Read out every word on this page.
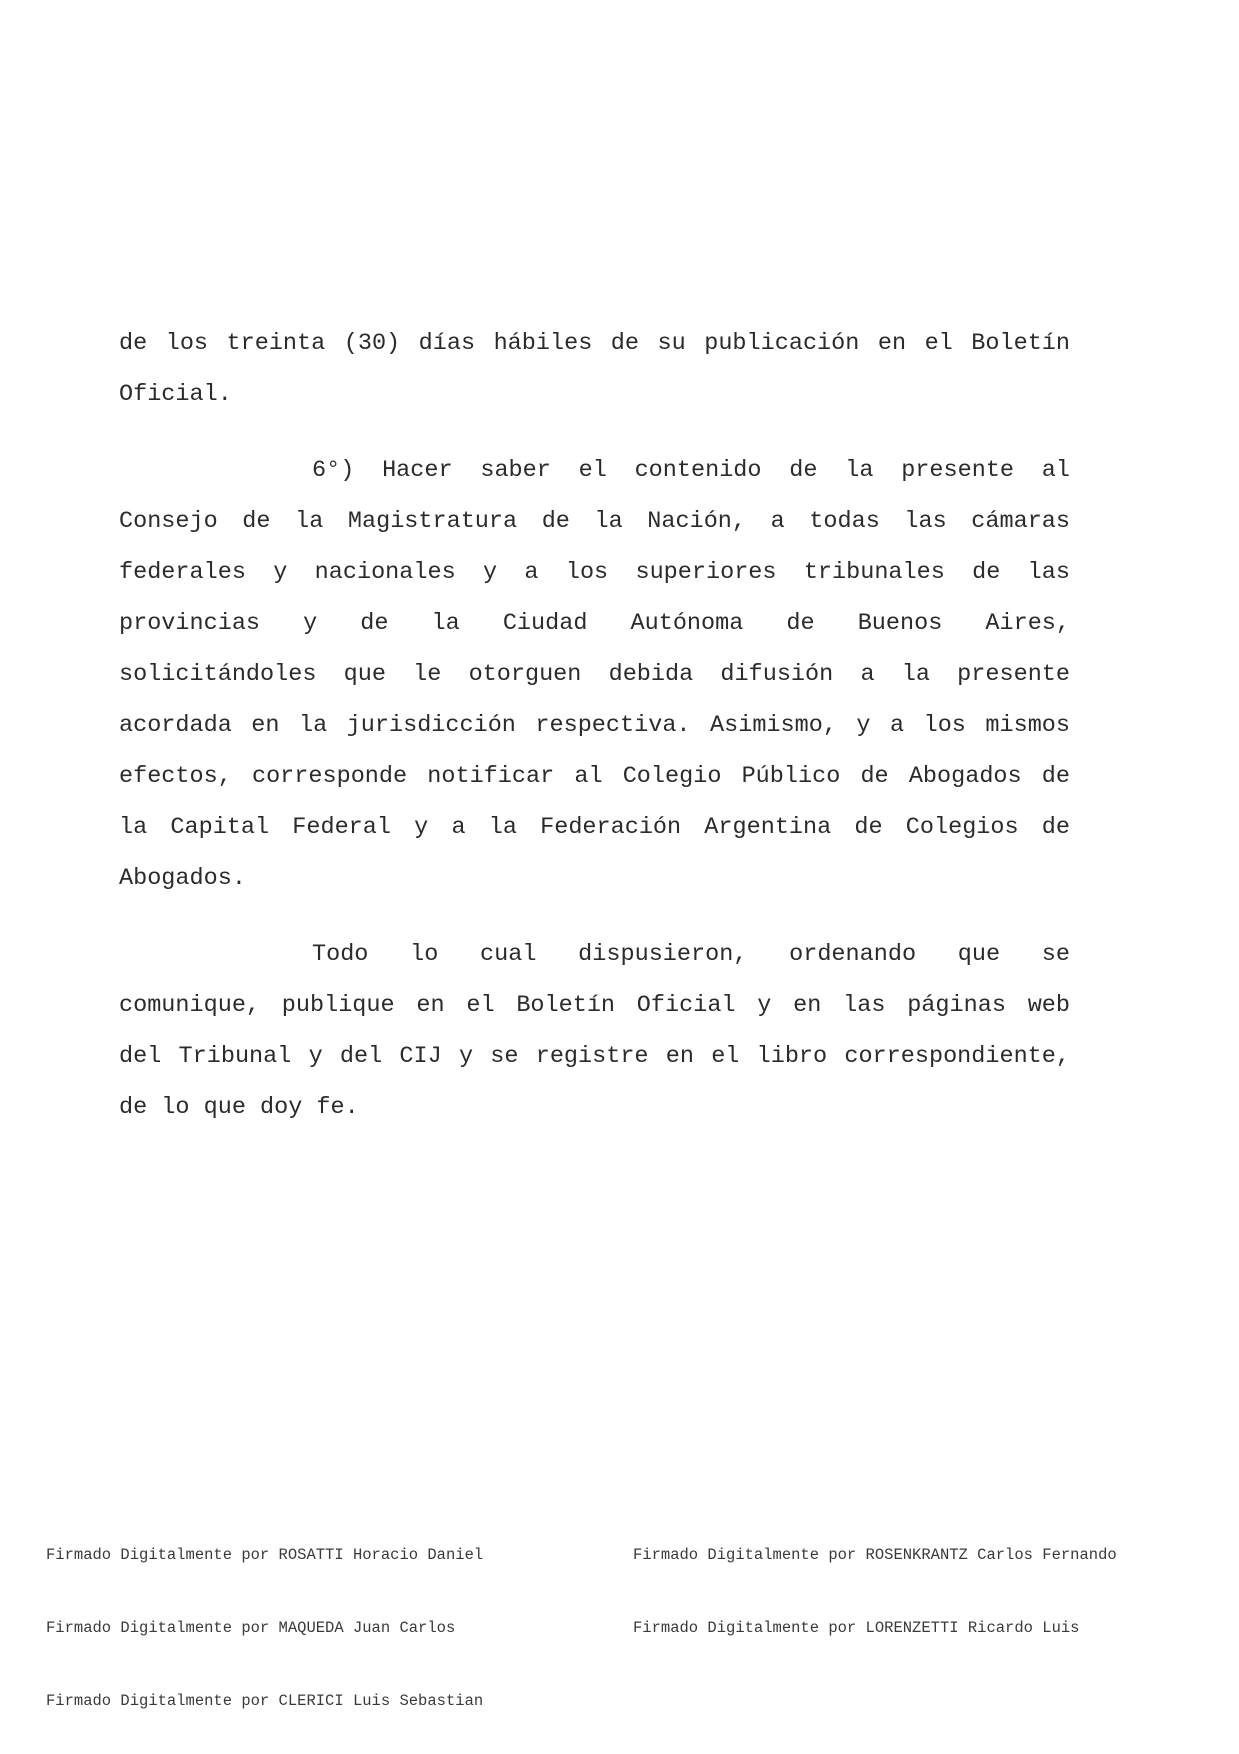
de los treinta (30) días hábiles de su publicación en el Boletín
Oficial.
6°) Hacer saber el contenido de la presente al
Consejo de la Magistratura de la Nación, a todas las cámaras
federales y nacionales y a los superiores tribunales de las
provincias y de la Ciudad Autónoma de Buenos Aires,
solicitándoles que le otorguen debida difusión a la presente
acordada en la jurisdicción respectiva. Asimismo, y a los mismos
efectos, corresponde notificar al Colegio Público de Abogados de
la Capital Federal y a la Federación Argentina de Colegios de
Abogados.
Todo lo cual dispusieron, ordenando que se
comunique, publique en el Boletín Oficial y en las páginas web
del Tribunal y del CIJ y se registre en el libro correspondiente,
de lo que doy fe.
Firmado Digitalmente por ROSATTI Horacio Daniel	Firmado Digitalmente por ROSENKRANTZ Carlos Fernando
Firmado Digitalmente por MAQUEDA Juan Carlos	Firmado Digitalmente por LORENZETTI Ricardo Luis
Firmado Digitalmente por CLERICI Luis Sebastian
